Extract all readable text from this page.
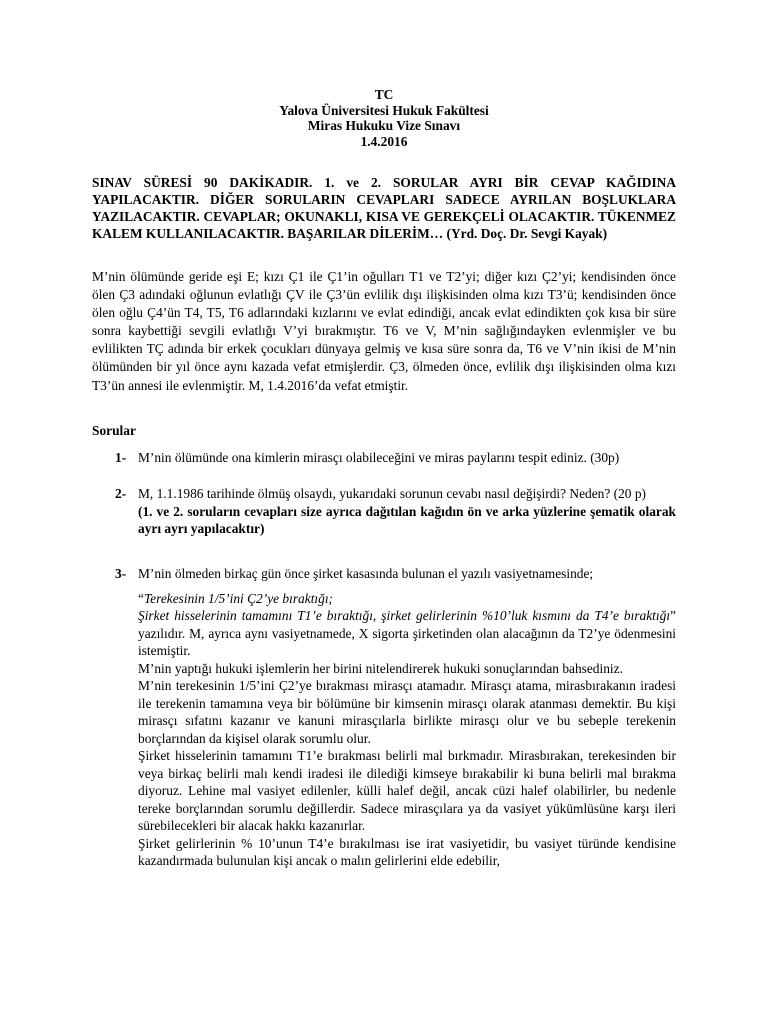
TC
Yalova Üniversitesi Hukuk Fakültesi
Miras Hukuku Vize Sınavı
1.4.2016
SINAV SÜRESİ 90 DAKİKADIR. 1. ve 2. SORULAR AYRI BİR CEVAP KAĞIDINA YAPILACAKTIR. DİĞER SORULARIN CEVAPLARI SADECE AYRILAN BOŞLUKLARA YAZILACAKTIR. CEVAPLAR; OKUNAKLI, KISA VE GEREKÇELİ OLACAKTIR. TÜKENMEZ KALEM KULLANILACAKTIR. BAŞARILAR DİLERİM… (Yrd. Doç. Dr. Sevgi Kayak)
M’nin ölümünde geride eşi E; kızı Ç1 ile Ç1’in oğulları T1 ve T2’yi; diğer kızı Ç2’yi; kendisinden önce ölen Ç3 adındaki oğlunun evlatlığı ÇV ile Ç3’ün evlilik dışı ilişkisinden olma kızı T3’ü; kendisinden önce ölen oğlu Ç4’ün T4, T5, T6 adlarındaki kızlarını ve evlat edindiği, ancak evlat edindikten çok kısa bir süre sonra kaybettiği sevgili evlatlığı V’yi bırakmıştır. T6 ve V, M’nin sağlığındayken evlenmişler ve bu evlilikten TÇ adında bir erkek çocukları dünyaya gelmiş ve kısa süre sonra da, T6 ve V’nin ikisi de M’nin ölümünden bir yıl önce aynı kazada vefat etmişlerdir. Ç3, ölmeden önce, evlilik dışı ilişkisinden olma kızı T3’ün annesi ile evlenmiştir. M, 1.4.2016’da vefat etmiştir.
Sorular
1- M’nin ölümünde ona kimlerin mirasçı olabileceğini ve miras paylarını tespit ediniz. (30p)

2- M, 1.1.1986 tarihinde ölmüş olsaydı, yukarıdaki sorunun cevabı nasıl değişirdi? Neden? (20 p)

(1. ve 2. soruların cevapları size ayrıca dağıtılan kağıdın ön ve arka yüzlerine şematik olarak ayrı ayrı yapılacaktır)

3- M’nin ölmeden birkaç gün önce şirket kasasında bulunan el yazılı vasiyetnamesinde;

“Terekesinin 1/5’ini Ç2’ye bıraktığı;

Şirket hisselerinin tamamını T1’e bıraktığı, şirket gelirlerinin %10’luk kısmını da T4’e bıraktığı” yazılıdır. M, ayrıca aynı vasiyetnamede, X sigorta şirketinden olan alacağının da T2’ye ödenmesini istemiştir.

M’nin yaptığı hukuki işlemlerin her birini nitelendirerek hukuki sonuçlarından bahsediniz.

M’nin terekesinin 1/5’ini Ç2’ye bırakması mirasçı atamadır. Mirasçı atama, mirasbırakanın iradesi ile terekenin tamamına veya bir bölümüne bir kimsenin mirasçı olarak atanması demektir. Bu kişi mirasçı sıfatını kazanır ve kanuni mirasçılarla birlikte mirasçı olur ve bu sebeple terekenin borçlarından da kişisel olarak sorumlu olur.

Şirket hisselerinin tamamını T1’e bırakması belirli mal bırkmadır. Mirasbırakan, terekesinden bir veya birkaç belirli malı kendi iradesi ile dilediği kimseye bırakabilir ki buna belirli mal bırakma diyoruz. Lehine mal vasiyet edilenler, külli halef değil, ancak cüzi halef olabilirler, bu nedenle tereke borçlarından sorumlu değillerdir. Sadece mirasçılara ya da vasiyet yükümlüsüne karşı ileri sürebilecekleri bir alacak hakkı kazanırlar.

Şirket gelirlerinin % 10’unun T4’e bırakılması ise irat vasiyetidir, bu vasiyet türünde kendisine kazandırmada bulunulan kişi ancak o malın gelirlerini elde edebilir,
